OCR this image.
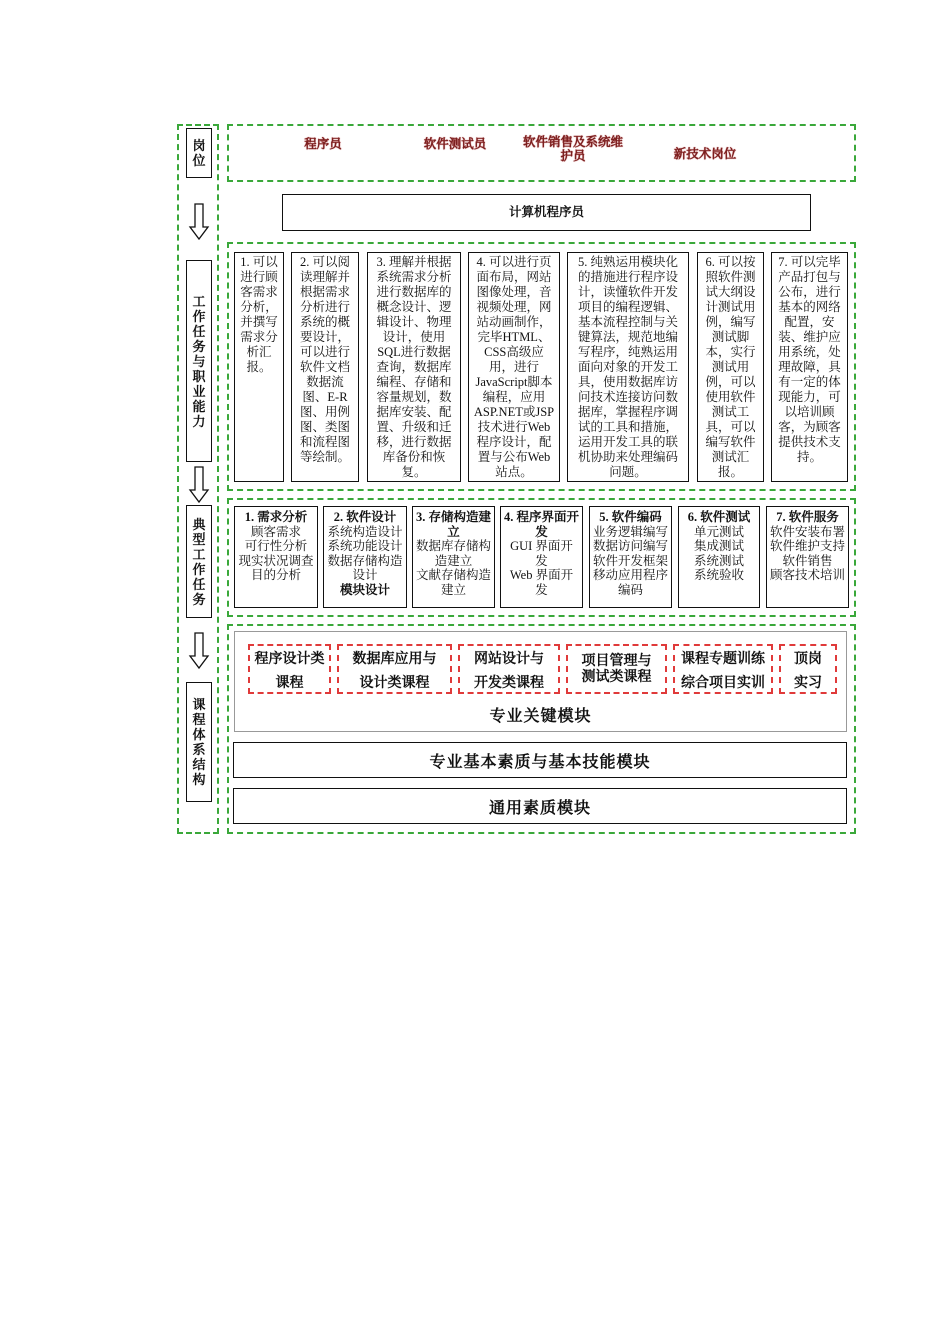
岗
位
工
作
任
务
与
职
业
能
力
典
型
工
作
任
务
课
程
体
系
结
构
程序员	软件测试员	软件销售及系统维护员	新技术岗位
计算机程序员
1. 可以进行顾客需求分析，并撰写需求分析汇报。
2. 可以阅读理解并根据需求分析进行系统的概要设计，可以进行软件文档数据流图、E-R图、用例图、类图和流程图等绘制。
3. 理解并根据系统需求分析进行数据库的概念设计、逻辑设计、物理设计，使用SQL进行数据查询，数据库编程、存储和容量规划，数据库安装、配置、升级和迁移，进行数据库备份和恢复。
4. 可以进行页面布局，网站图像处理，音视频处理，网站动画制作，完毕HTML、CSS高级应用，进行JavaScript脚本编程，应用ASP.NET或JSP技术进行Web程序设计，配置与公布Web站点。
5. 纯熟运用模块化的措施进行程序设计，读懂软件开发项目的编程逻辑、基本流程控制与关键算法，规范地编写程序，纯熟运用面向对象的开发工具，使用数据库访问技术连接访问数据库，掌握程序调试的工具和措施，运用开发工具的联机协助来处理编码问题。
6. 可以按照软件测试大纲设计测试用例，编写测试脚本，实行测试用例，可以使用软件测试工具，可以编写软件测试汇报。
7. 可以完毕产品打包与公布，进行基本的网络配置，安装、维护应用系统，处理故障，具有一定的体现能力，可以培训顾客，为顾客提供技术支持。
1. 需求分析
顾客需求
可行性分析
现实状况调查
目的分析
2. 软件设计
系统构造设计
系统功能设计
数据存储构造设计
模块设计
3. 存储构造建立
数据库存储构造建立
文献存储构造建立
4. 程序界面开发
GUI 界面开发
Web 界面开发
5. 软件编码
业务逻辑编写
数据访问编写
软件开发框架
移动应用程序编码
6. 软件测试
单元测试
集成测试
系统测试
系统验收
7. 软件服务
软件安装布署
软件维护支持
软件销售
顾客技术培训
程序设计类
课程
数据库应用与
设计类课程
网站设计与
开发类课程
项目管理与
测试类课程
课程专题训练
综合项目实训
顶岗
实习
专业关键模块
专业基本素质与基本技能模块
通用素质模块
